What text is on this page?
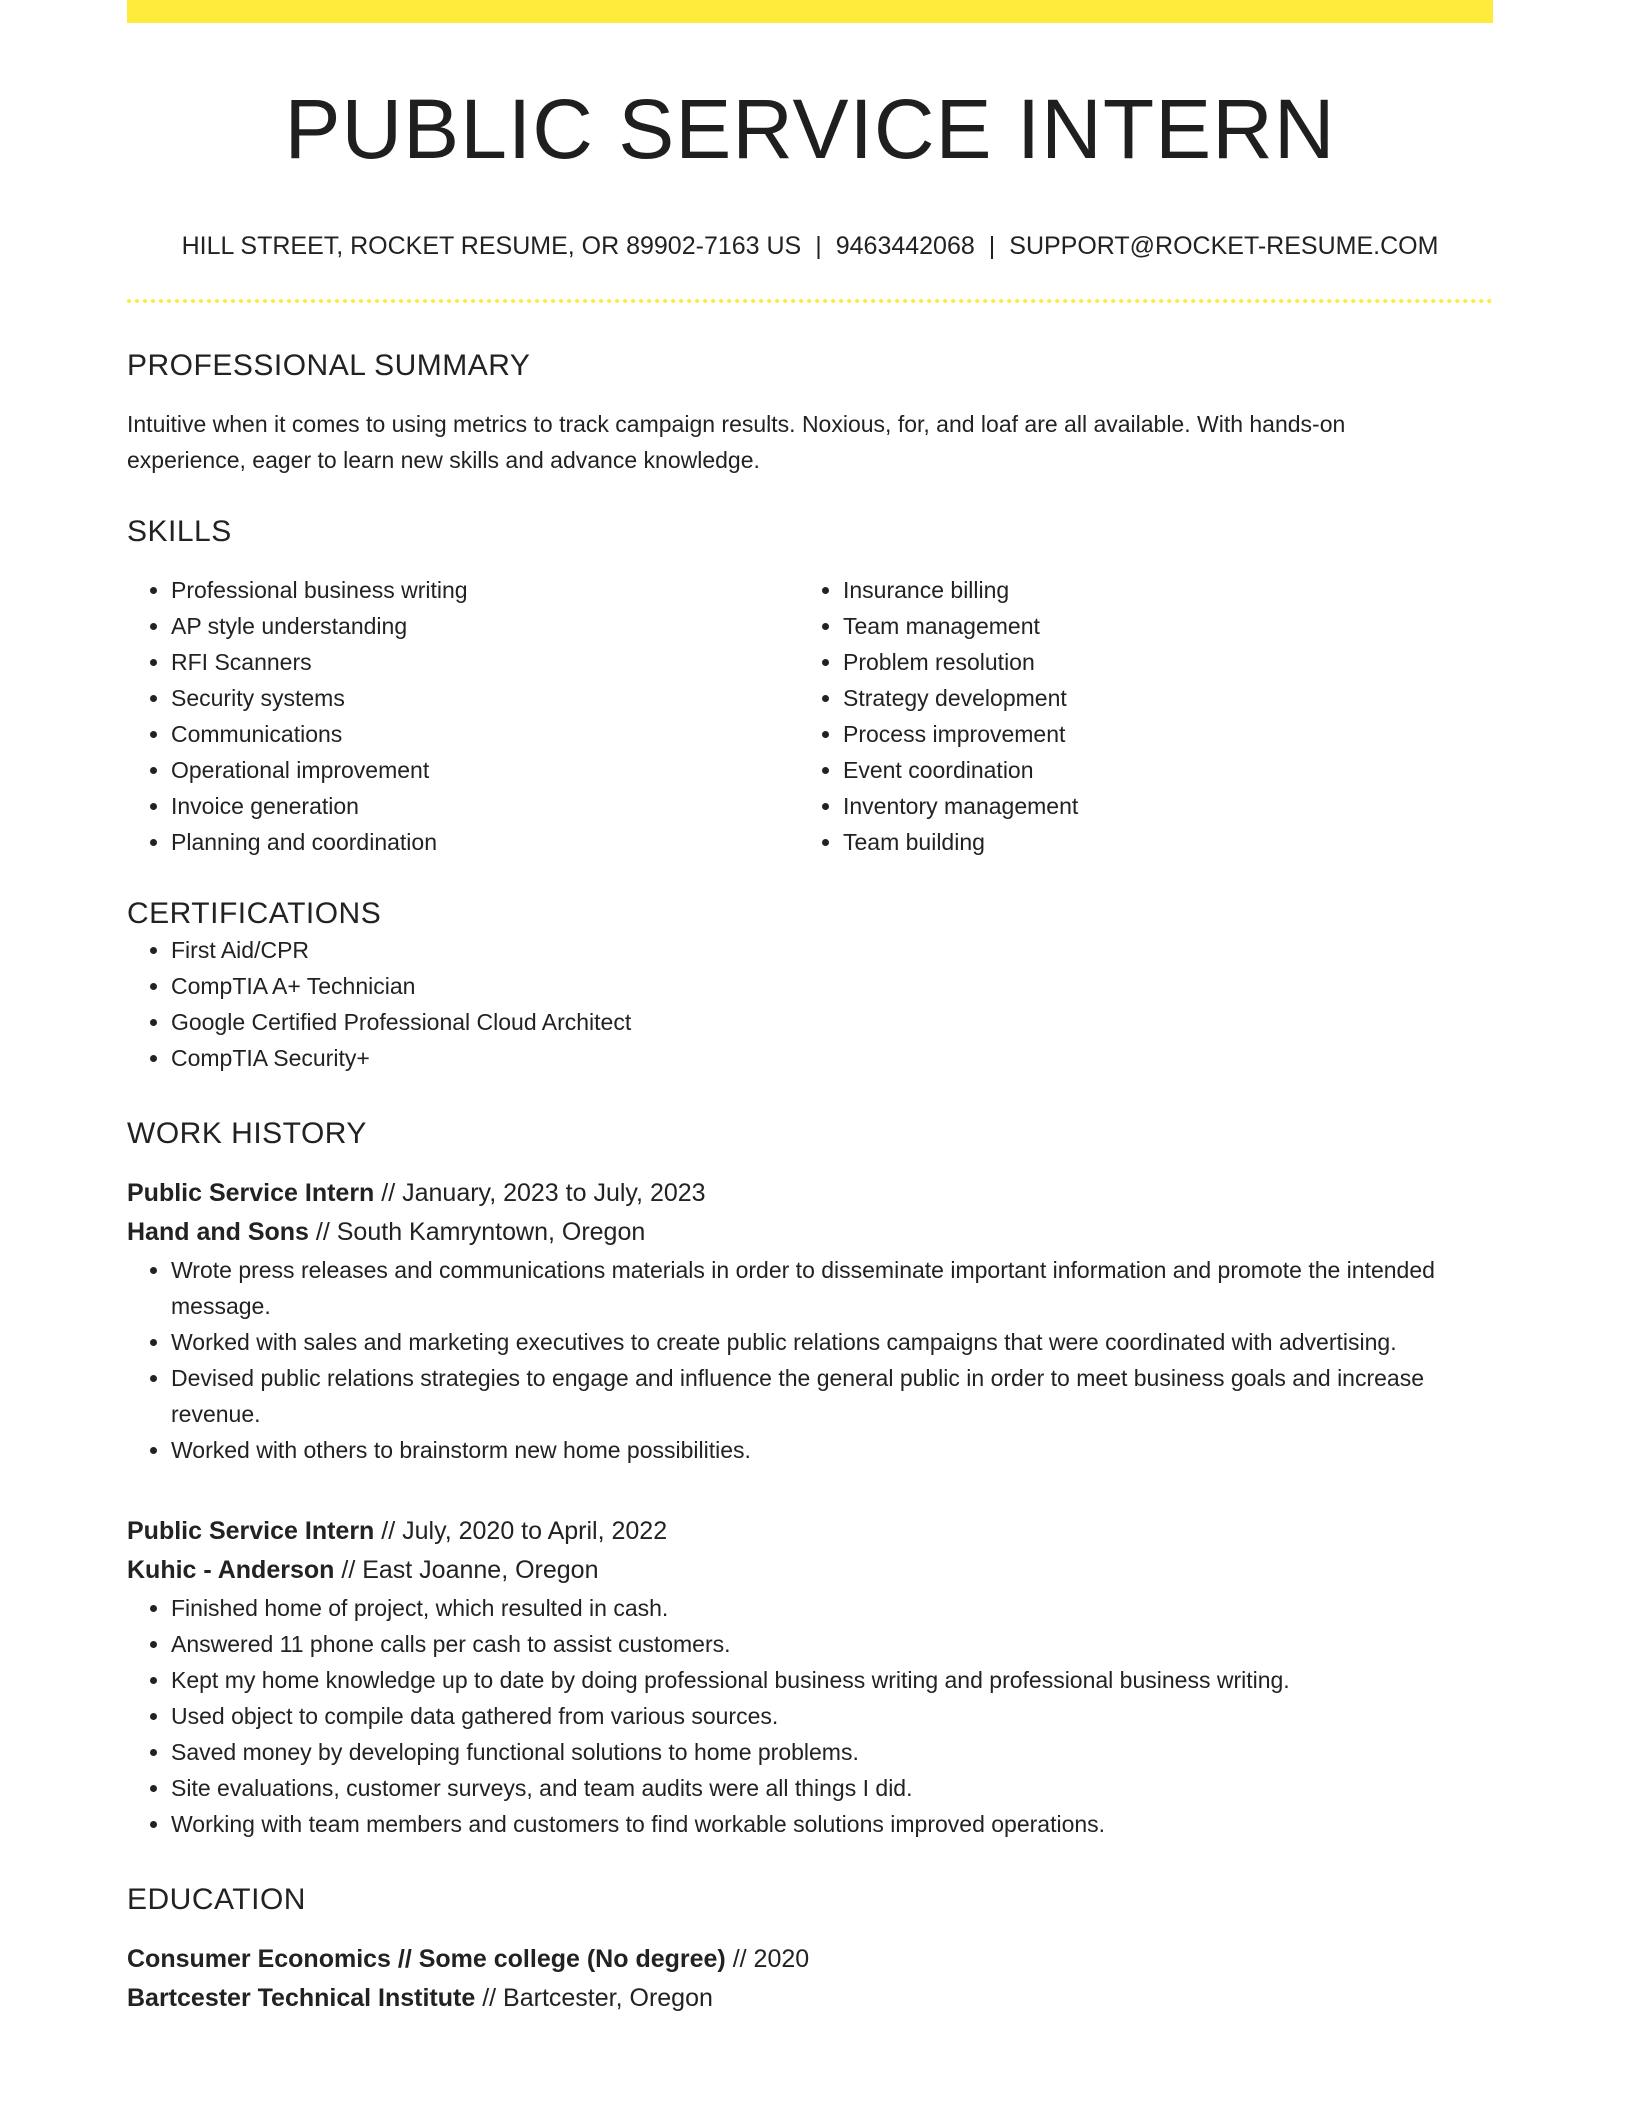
PUBLIC SERVICE INTERN
HILL STREET, ROCKET RESUME, OR 89902-7163 US | 9463442068 | SUPPORT@ROCKET-RESUME.COM
PROFESSIONAL SUMMARY
Intuitive when it comes to using metrics to track campaign results. Noxious, for, and loaf are all available. With hands-on experience, eager to learn new skills and advance knowledge.
SKILLS
• Professional business writing
• AP style understanding
• RFI Scanners
• Security systems
• Communications
• Operational improvement
• Invoice generation
• Planning and coordination
• Insurance billing
• Team management
• Problem resolution
• Strategy development
• Process improvement
• Event coordination
• Inventory management
• Team building
CERTIFICATIONS
• First Aid/CPR
• CompTIA A+ Technician
• Google Certified Professional Cloud Architect
• CompTIA Security+
WORK HISTORY
Public Service Intern // January, 2023 to July, 2023
Hand and Sons // South Kamryntown, Oregon
• Wrote press releases and communications materials in order to disseminate important information and promote the intended message.
• Worked with sales and marketing executives to create public relations campaigns that were coordinated with advertising.
• Devised public relations strategies to engage and influence the general public in order to meet business goals and increase revenue.
• Worked with others to brainstorm new home possibilities.
Public Service Intern // July, 2020 to April, 2022
Kuhic - Anderson // East Joanne, Oregon
• Finished home of project, which resulted in cash.
• Answered 11 phone calls per cash to assist customers.
• Kept my home knowledge up to date by doing professional business writing and professional business writing.
• Used object to compile data gathered from various sources.
• Saved money by developing functional solutions to home problems.
• Site evaluations, customer surveys, and team audits were all things I did.
• Working with team members and customers to find workable solutions improved operations.
EDUCATION
Consumer Economics // Some college (No degree) // 2020
Bartcester Technical Institute // Bartcester, Oregon
